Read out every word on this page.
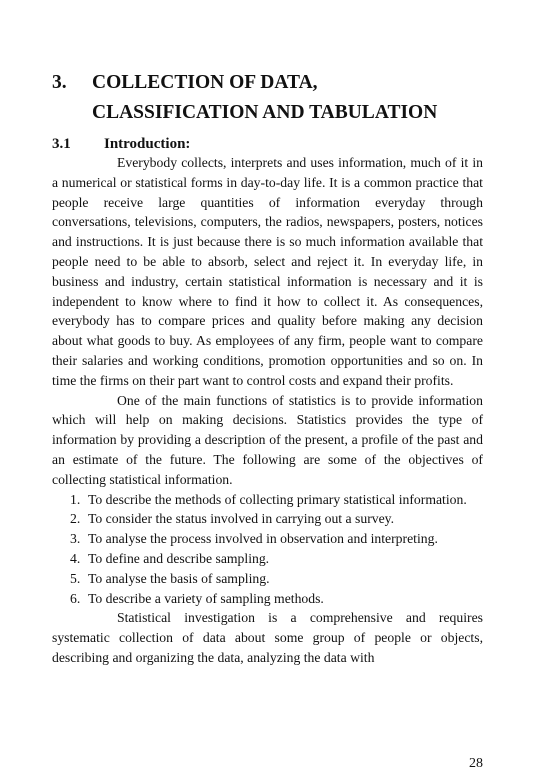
3. COLLECTION OF DATA,
CLASSIFICATION AND TABULATION
3.1 Introduction:

Everybody collects, interprets and uses information, much of it in a numerical or statistical forms in day-to-day life. It is a common practice that people receive large quantities of information everyday through conversations, televisions, computers, the radios, newspapers, posters, notices and instructions. It is just because there is so much information available that people need to be able to absorb, select and reject it. In everyday life, in business and industry, certain statistical information is necessary and it is independent to know where to find it how to collect it. As consequences, everybody has to compare prices and quality before making any decision about what goods to buy. As employees of any firm, people want to compare their salaries and working conditions, promotion opportunities and so on. In time the firms on their part want to control costs and expand their profits.

One of the main functions of statistics is to provide information which will help on making decisions. Statistics provides the type of information by providing a description of the present, a profile of the past and an estimate of the future. The following are some of the objectives of collecting statistical information.

1. To describe the methods of collecting primary statistical information.
2. To consider the status involved in carrying out a survey.
3. To analyse the process involved in observation and interpreting.
4. To define and describe sampling.
5. To analyse the basis of sampling.
6. To describe a variety of sampling methods.

Statistical investigation is a comprehensive and requires systematic collection of data about some group of people or objects, describing and organizing the data, analyzing the data with

28
